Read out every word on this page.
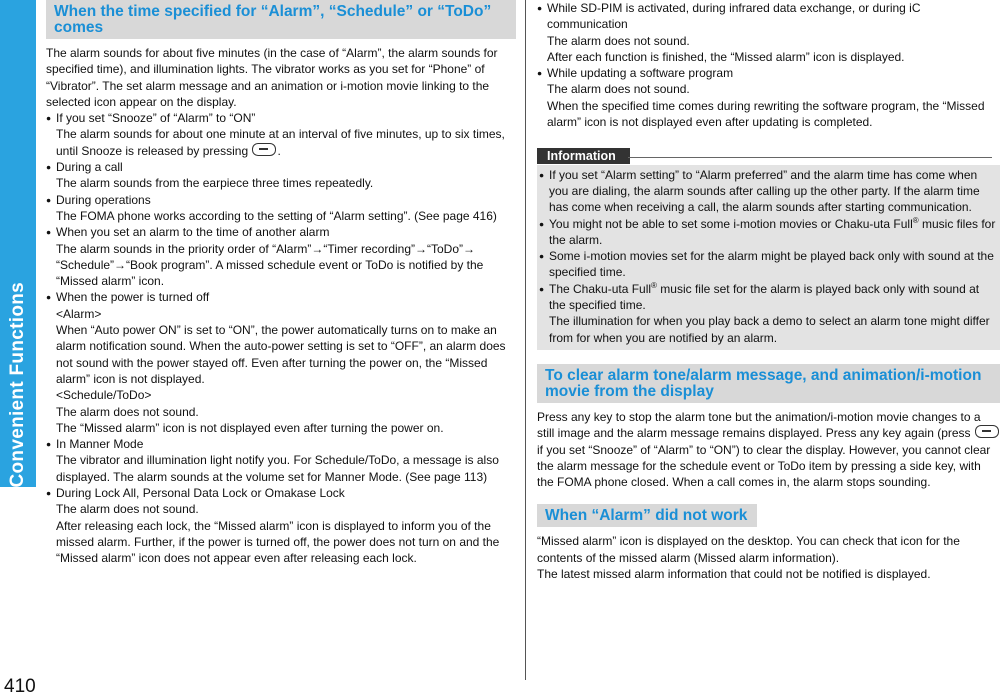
Convenient Functions
410
When the time specified for “Alarm”, “Schedule” or “ToDo” comes

The alarm sounds for about five minutes (in the case of “Alarm”, the alarm sounds for specified time), and illumination lights. The vibrator works as you set for “Phone” of “Vibrator”. The set alarm message and an animation or i-motion movie linking to the selected icon appear on the display.

● If you set “Snooze” of “Alarm” to “ON”

The alarm sounds for about one minute at an interval of five minutes, up to six times, until Snooze is released by pressing .

● During a call

The alarm sounds from the earpiece three times repeatedly.

● During operations

The FOMA phone works according to the setting of “Alarm setting”. (See page 416)

● When you set an alarm to the time of another alarm

The alarm sounds in the priority order of “Alarm”→“Timer recording”→“ToDo”→ “Schedule”→“Book program”. A missed schedule event or ToDo is notified by the “Missed alarm” icon.

● When the power is turned off

<Alarm>

When “Auto power ON” is set to “ON”, the power automatically turns on to make an alarm notification sound. When the auto-power setting is set to “OFF”, an alarm does not sound with the power stayed off. Even after turning the power on, the “Missed alarm” icon is not displayed.

<Schedule/ToDo>

The alarm does not sound.

The “Missed alarm” icon is not displayed even after turning the power on.

● In Manner Mode

The vibrator and illumination light notify you. For Schedule/ToDo, a message is also displayed. The alarm sounds at the volume set for Manner Mode. (See page 113)

● During Lock All, Personal Data Lock or Omakase Lock

The alarm does not sound.

After releasing each lock, the “Missed alarm” icon is displayed to inform you of the missed alarm. Further, if the power is turned off, the power does not turn on and the “Missed alarm” icon does not appear even after releasing each lock.

● While SD-PIM is activated, during infrared data exchange, or during iC communication

The alarm does not sound.

After each function is finished, the “Missed alarm” icon is displayed.

● While updating a software program

The alarm does not sound.

When the specified time comes during rewriting the software program, the “Missed alarm” icon is not displayed even after updating is completed.

Information

● If you set “Alarm setting” to “Alarm preferred” and the alarm time has come when you are dialing, the alarm sounds after calling up the other party. If the alarm time has come when receiving a call, the alarm sounds after starting communication.

● You might not be able to set some i-motion movies or Chaku-uta Full® music files for the alarm.

● Some i-motion movies set for the alarm might be played back only with sound at the specified time.

● The Chaku-uta Full® music file set for the alarm is played back only with sound at the specified time.

The illumination for when you play back a demo to select an alarm tone might differ from for when you are notified by an alarm.

To clear alarm tone/alarm message, and animation/i-motion movie from the display

Press any key to stop the alarm tone but the animation/i-motion movie changes to a still image and the alarm message remains displayed. Press any key again (press  if you set “Snooze” of “Alarm” to “ON”) to clear the display. However, you cannot clear the alarm message for the schedule event or ToDo item by pressing a side key, with the FOMA phone closed. When a call comes in, the alarm stops sounding.

When “Alarm” did not work

“Missed alarm” icon is displayed on the desktop. You can check that icon for the contents of the missed alarm (Missed alarm information).

The latest missed alarm information that could not be notified is displayed.
